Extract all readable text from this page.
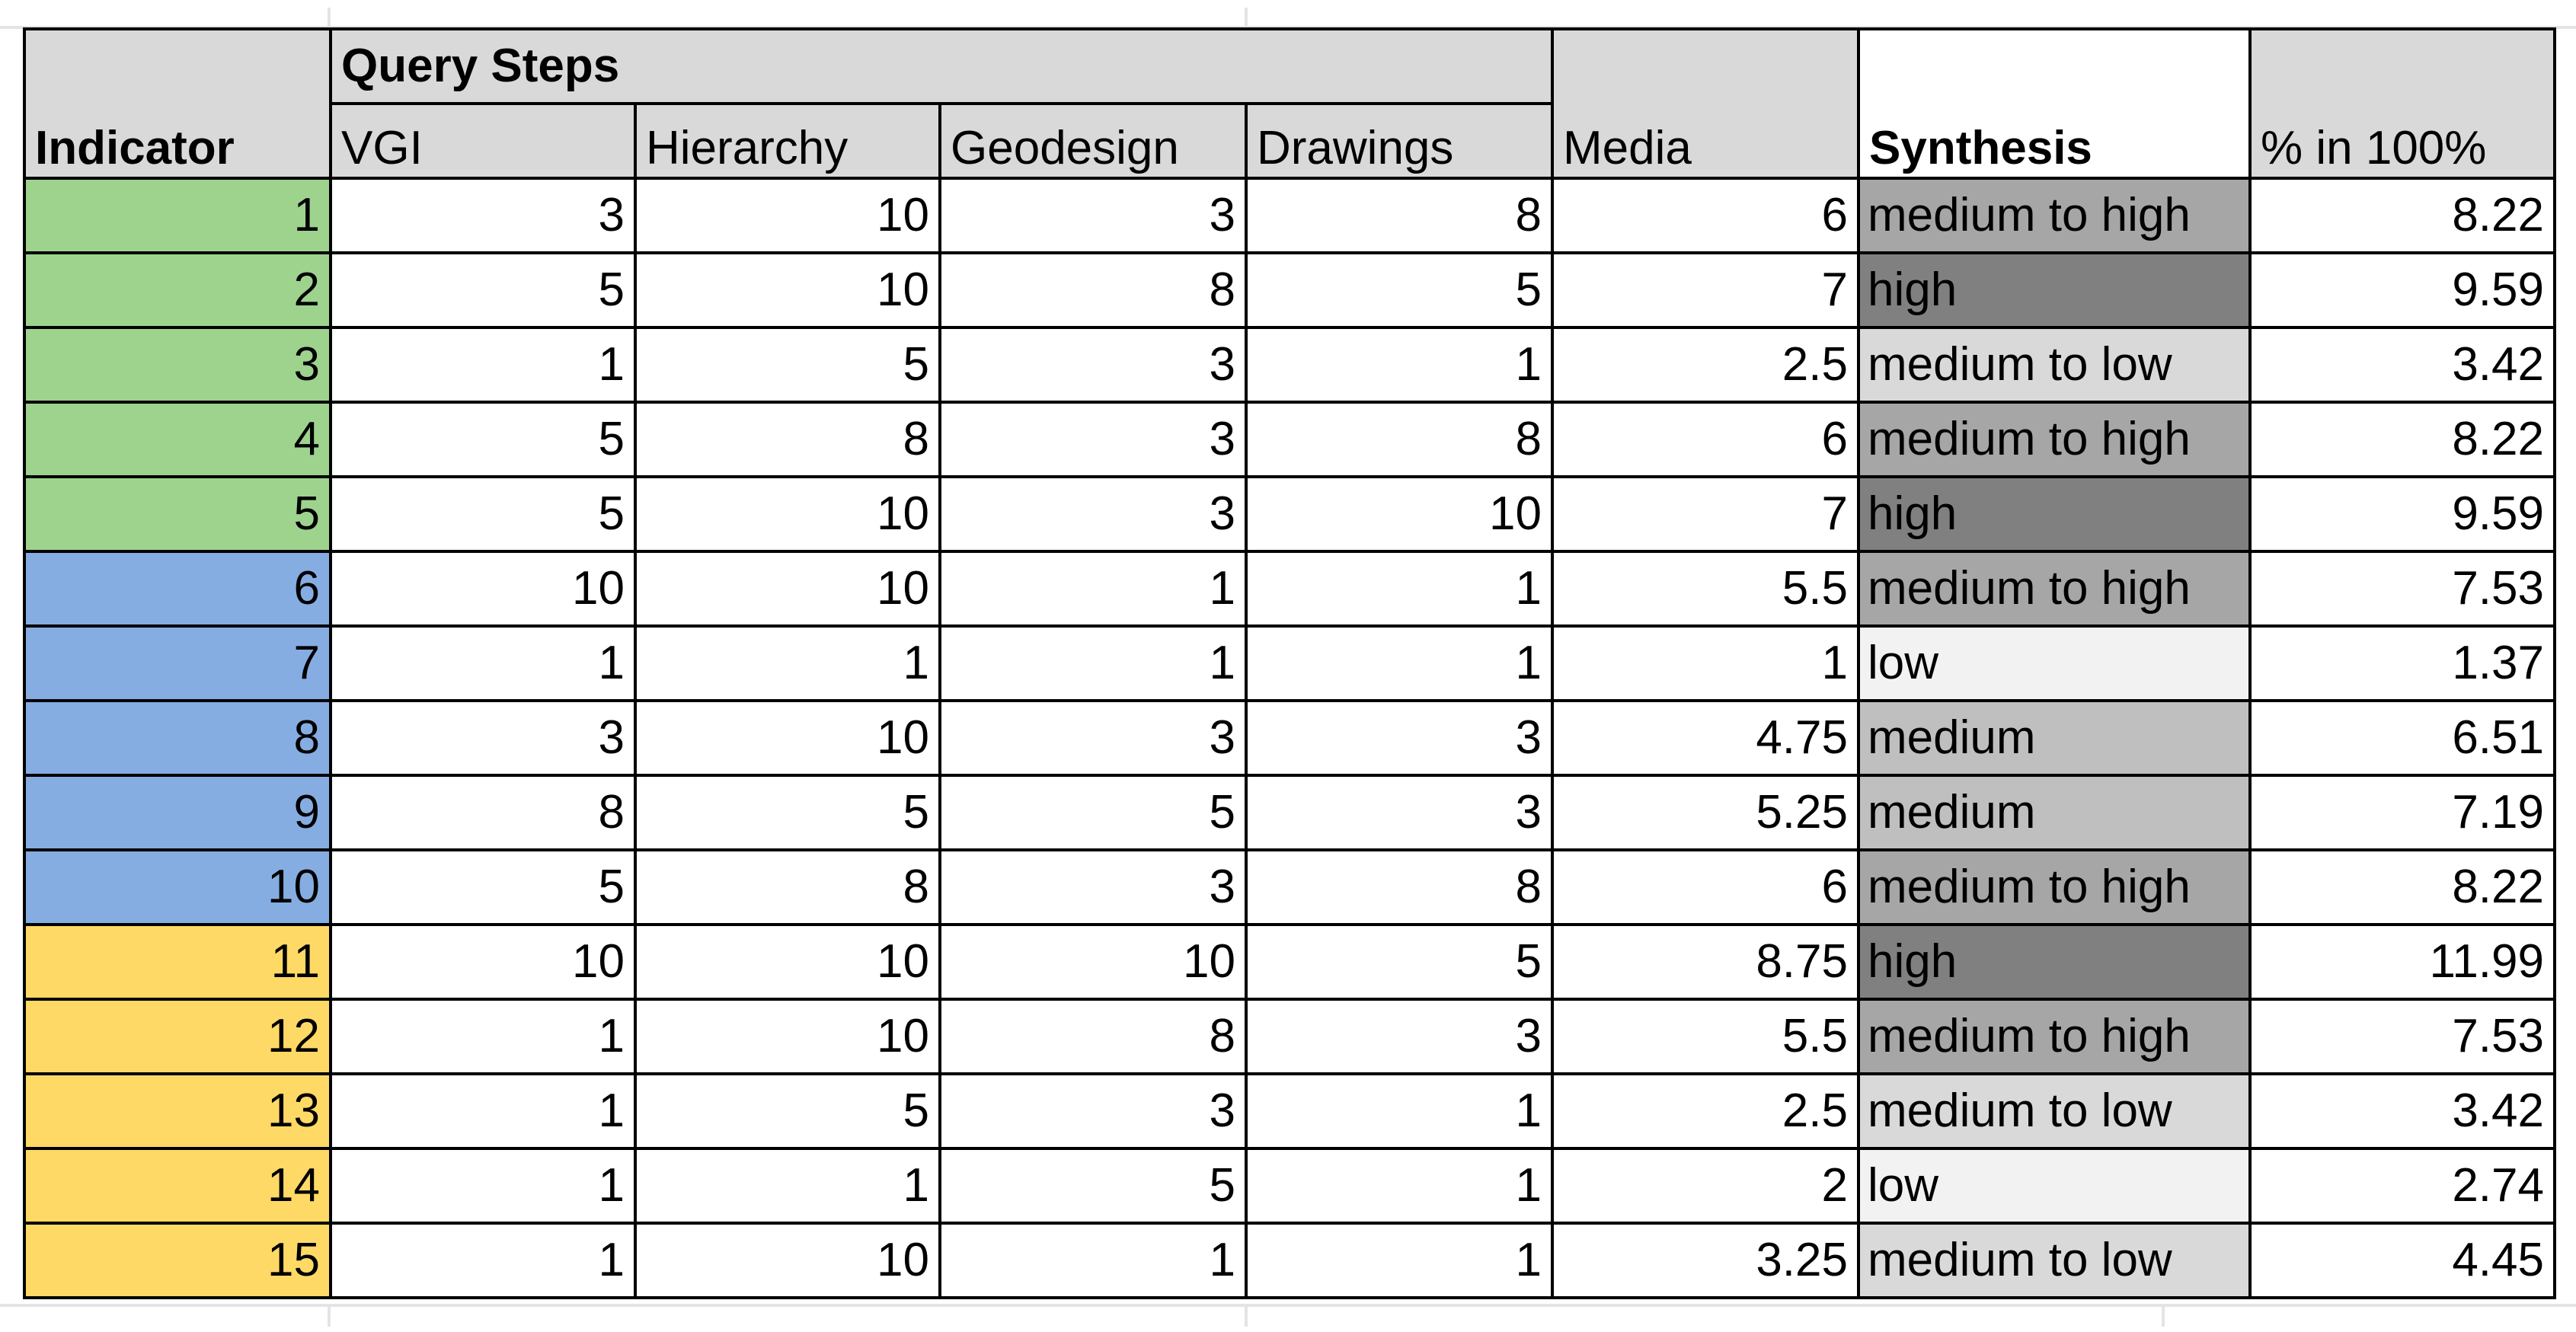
Indicator	Query Steps				Media	Synthesis	% in 100%
	VGI	Hierarchy	Geodesign	Drawings			
1	3	10	3	8	6	medium to high	8.22
2	5	10	8	5	7	high	9.59
3	1	5	3	1	2.5	medium to low	3.42
4	5	8	3	8	6	medium to high	8.22
5	5	10	3	10	7	high	9.59
6	10	10	1	1	5.5	medium to high	7.53
7	1	1	1	1	1	low	1.37
8	3	10	3	3	4.75	medium	6.51
9	8	5	5	3	5.25	medium	7.19
10	5	8	3	8	6	medium to high	8.22
11	10	10	10	5	8.75	high	11.99
12	1	10	8	3	5.5	medium to high	7.53
13	1	5	3	1	2.5	medium to low	3.42
14	1	1	5	1	2	low	2.74
15	1	10	1	1	3.25	medium to low	4.45
